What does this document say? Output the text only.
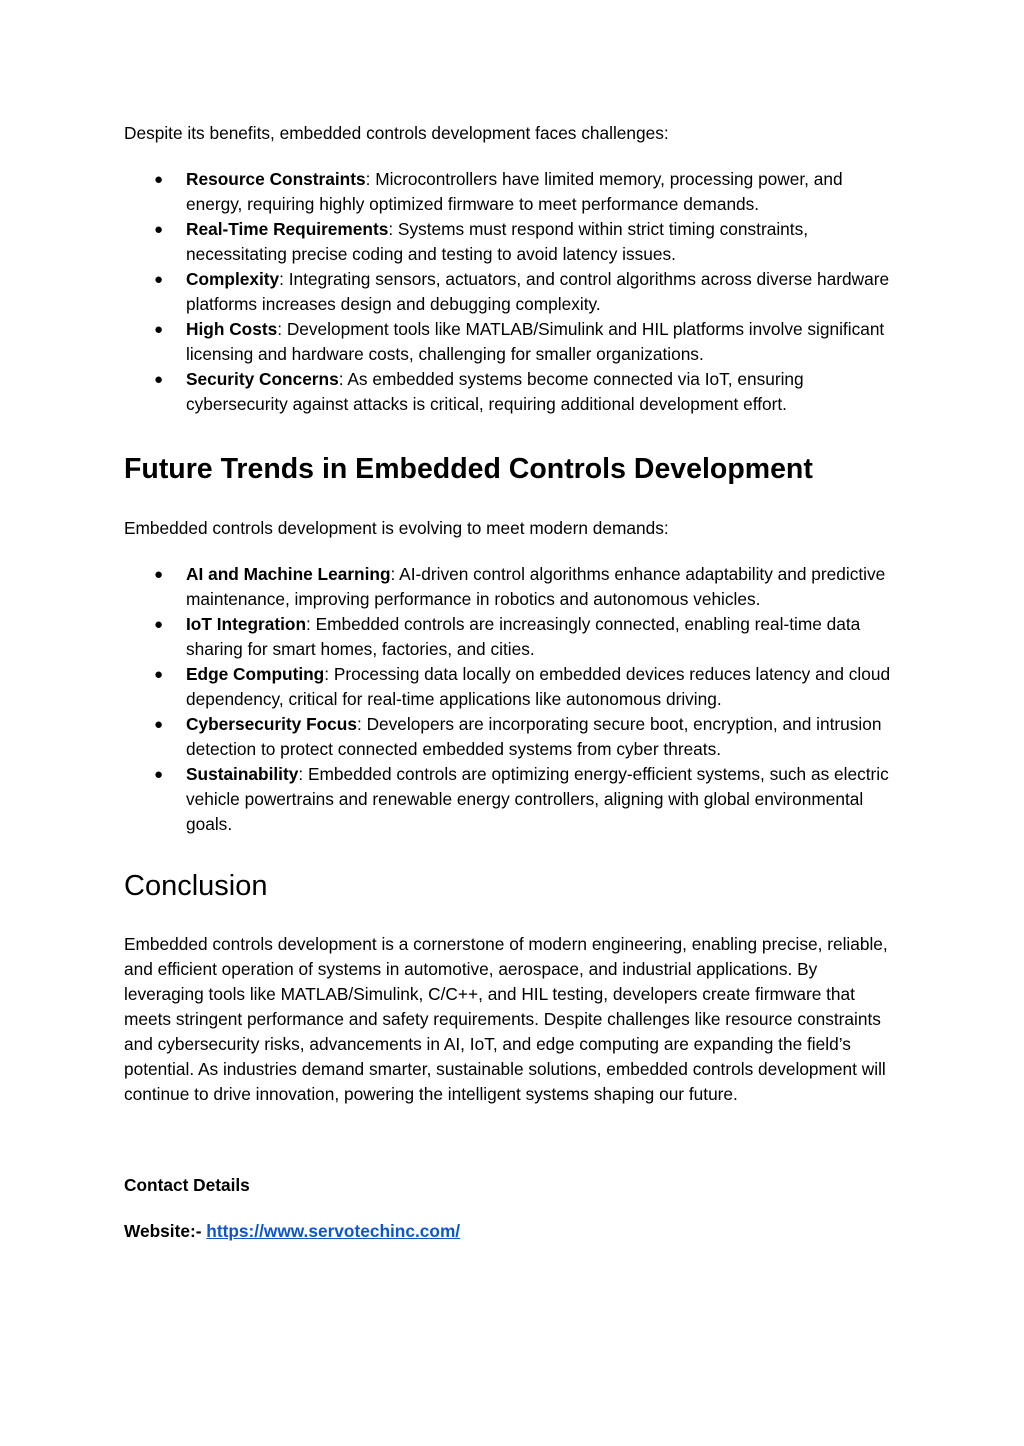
Despite its benefits, embedded controls development faces challenges:

● Resource Constraints: Microcontrollers have limited memory, processing power, and energy, requiring highly optimized firmware to meet performance demands.
● Real-Time Requirements: Systems must respond within strict timing constraints, necessitating precise coding and testing to avoid latency issues.
● Complexity: Integrating sensors, actuators, and control algorithms across diverse hardware platforms increases design and debugging complexity.
● High Costs: Development tools like MATLAB/Simulink and HIL platforms involve significant licensing and hardware costs, challenging for smaller organizations.
● Security Concerns: As embedded systems become connected via IoT, ensuring cybersecurity against attacks is critical, requiring additional development effort.
Future Trends in Embedded Controls Development

Embedded controls development is evolving to meet modern demands:

● AI and Machine Learning: AI-driven control algorithms enhance adaptability and predictive maintenance, improving performance in robotics and autonomous vehicles.
● IoT Integration: Embedded controls are increasingly connected, enabling real-time data sharing for smart homes, factories, and cities.
● Edge Computing: Processing data locally on embedded devices reduces latency and cloud dependency, critical for real-time applications like autonomous driving.
● Cybersecurity Focus: Developers are incorporating secure boot, encryption, and intrusion detection to protect connected embedded systems from cyber threats.
● Sustainability: Embedded controls are optimizing energy-efficient systems, such as electric vehicle powertrains and renewable energy controllers, aligning with global environmental goals.
Conclusion

Embedded controls development is a cornerstone of modern engineering, enabling precise, reliable, and efficient operation of systems in automotive, aerospace, and industrial applications. By leveraging tools like MATLAB/Simulink, C/C++, and HIL testing, developers create firmware that meets stringent performance and safety requirements. Despite challenges like resource constraints and cybersecurity risks, advancements in AI, IoT, and edge computing are expanding the field’s potential. As industries demand smarter, sustainable solutions, embedded controls development will continue to drive innovation, powering the intelligent systems shaping our future.

Contact Details

Website:- https://www.servotechinc.com/
